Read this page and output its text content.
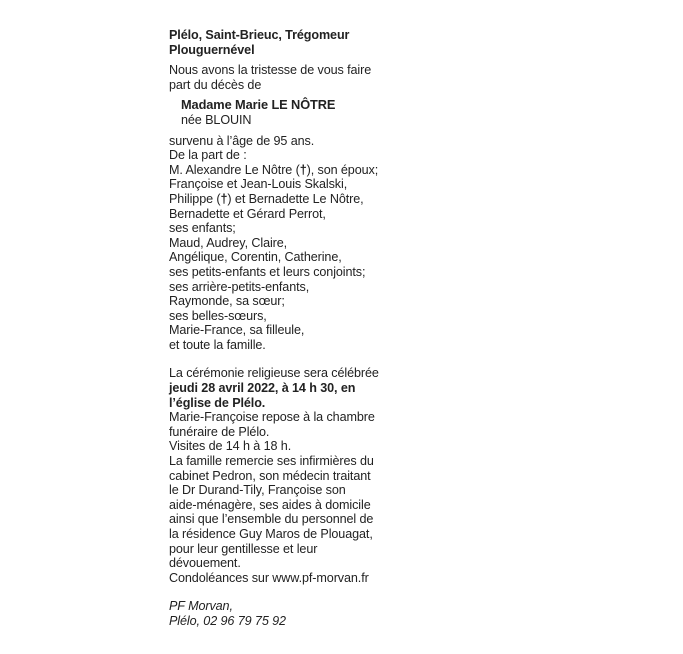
Plélo, Saint-Brieuc, Trégomeur
Plouguernével
Nous avons la tristesse de vous faire
part du décès de
Madame Marie LE NÔTRE
née BLOUIN
survenu à l’âge de 95 ans.
De la part de :
M. Alexandre Le Nôtre (†), son époux;
Françoise et Jean-Louis Skalski,
Philippe (†) et Bernadette Le Nôtre,
Bernadette et Gérard Perrot,
ses enfants;
Maud, Audrey, Claire,
Angélique, Corentin, Catherine,
ses petits-enfants et leurs conjoints;
ses arrière-petits-enfants,
Raymonde, sa sœur;
ses belles-sœurs,
Marie-France, sa filleule,
et toute la famille.
La cérémonie religieuse sera célébrée
jeudi 28 avril 2022, à 14 h 30, en
l’église de Plélo.
Marie-Françoise repose à la chambre
funéraire de Plélo.
Visites de 14 h à 18 h.
La famille remercie ses infirmières du
cabinet Pedron, son médecin traitant
le Dr Durand-Tily, Françoise son
aide-ménagère, ses aides à domicile
ainsi que l’ensemble du personnel de
la résidence Guy Maros de Plouagat,
pour leur gentillesse et leur
dévouement.
Condoléances sur www.pf-morvan.fr
PF Morvan,
Plélo, 02 96 79 75 92
